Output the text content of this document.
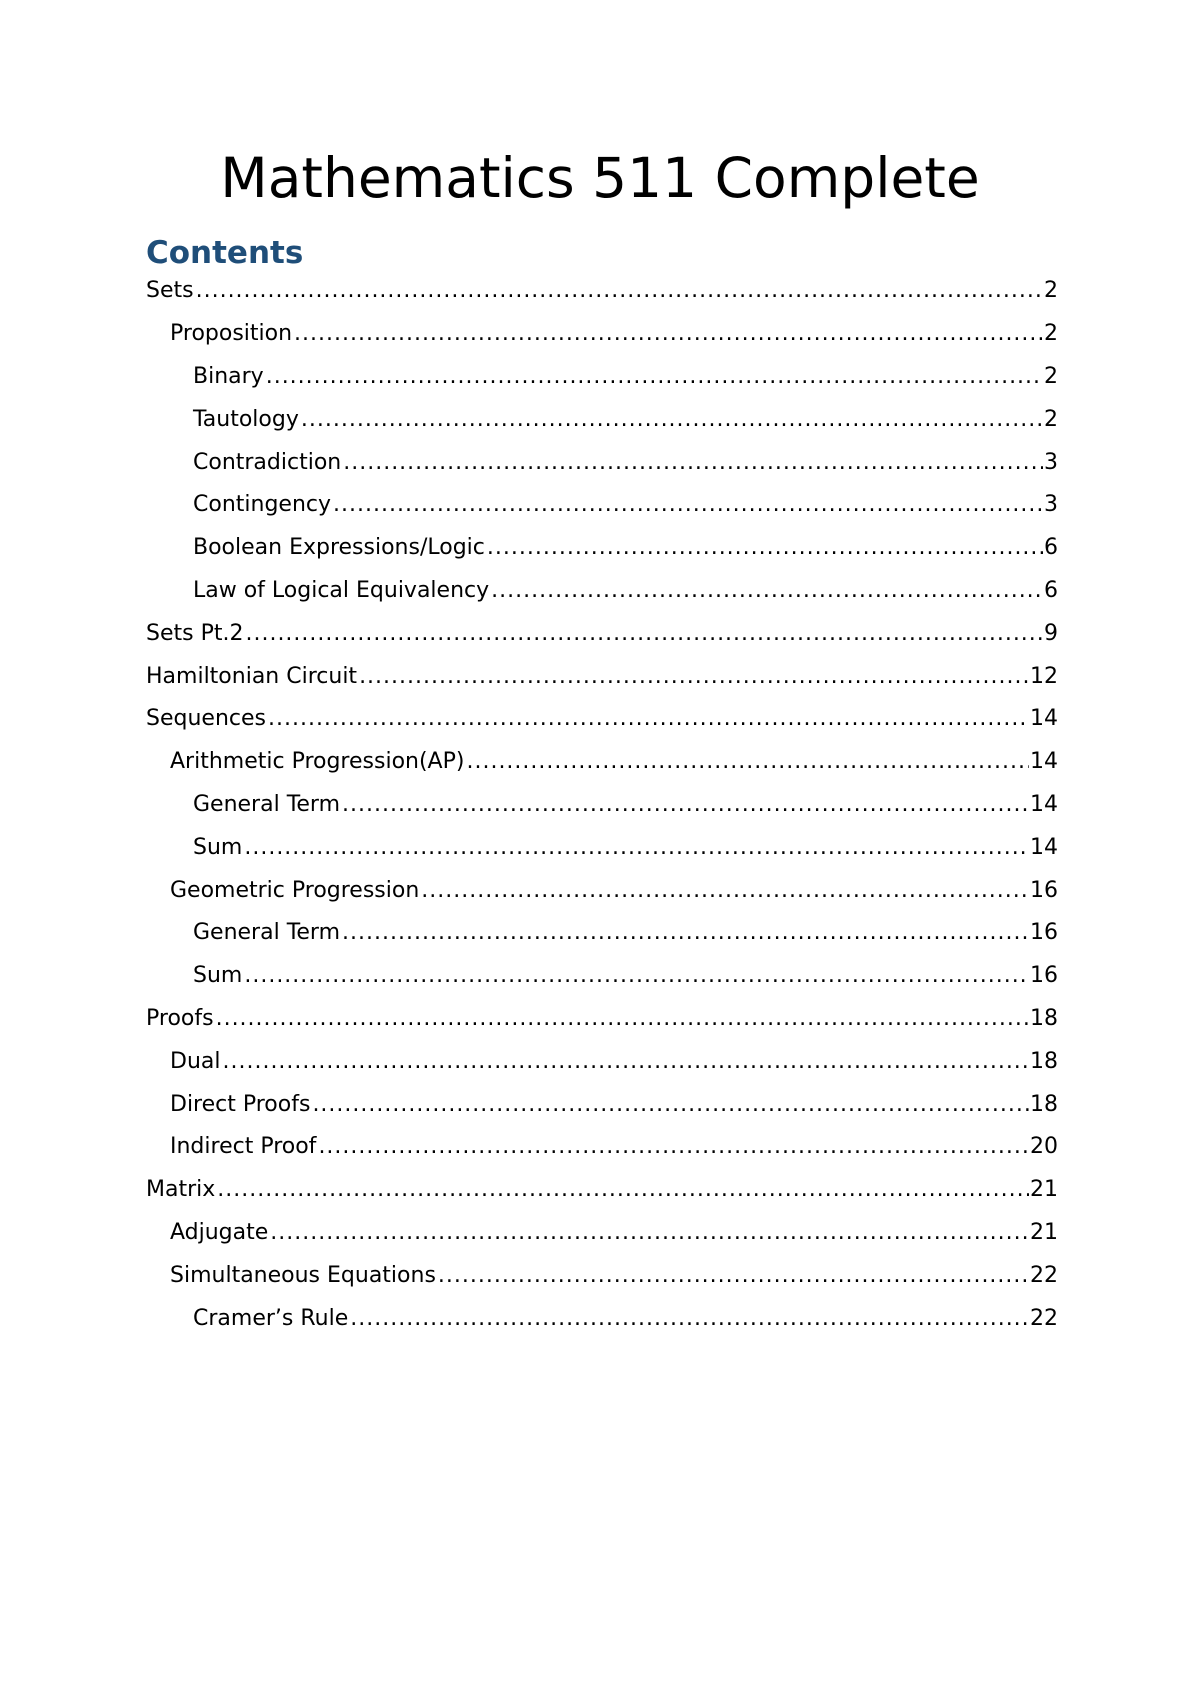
Mathematics 511 Complete
Contents
Sets .....	2
Proposition .....	2
Binary .....	2
Tautology .....	2
Contradiction .....	3
Contingency .....	3
Boolean Expressions/Logic .....	6
Law of Logical Equivalency .....	6
Sets Pt.2 .....	9
Hamiltonian Circuit .....	12
Sequences .....	14
Arithmetic Progression(AP) .....	14
General Term .....	14
Sum .....	14
Geometric Progression .....	16
General Term .....	16
Sum .....	16
Proofs .....	18
Dual .....	18
Direct Proofs .....	18
Indirect Proof .....	20
Matrix .....	21
Adjugate .....	21
Simultaneous Equations .....	22
Cramer’s Rule .....	22
